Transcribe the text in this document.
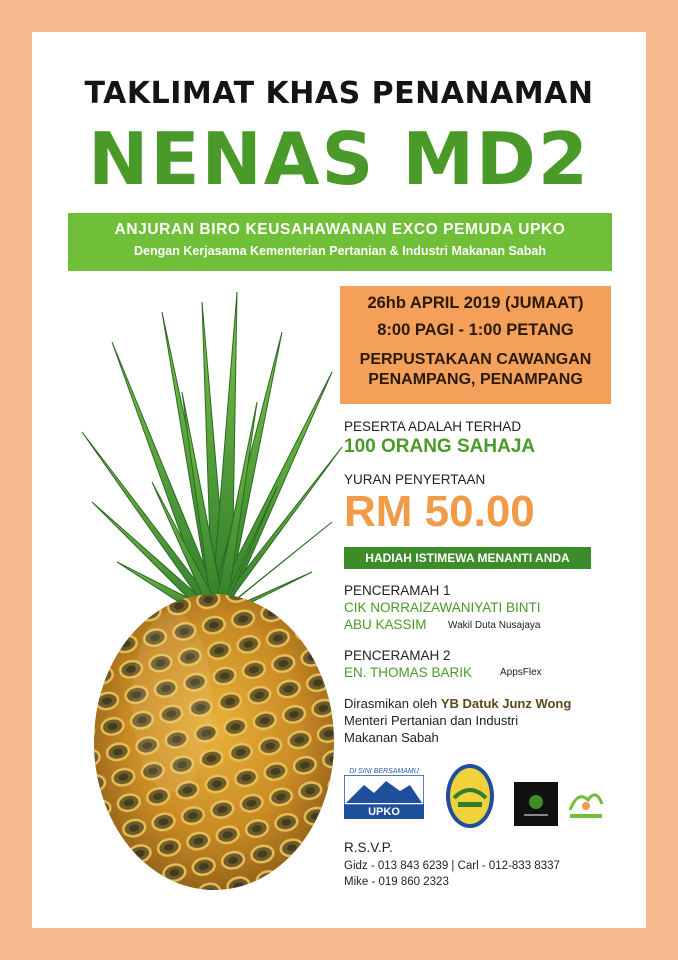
TAKLIMAT KHAS PENANAMAN
NENAS MD2
ANJURAN BIRO KEUSAHAWANAN EXCO PEMUDA UPKO
Dengan Kerjasama Kementerian Pertanian & Industri Makanan Sabah
26hb APRIL 2019 (JUMAAT)
8:00 PAGI - 1:00 PETANG
PERPUSTAKAAN CAWANGAN
PENAMPANG, PENAMPANG
PESERTA ADALAH TERHAD
100 ORANG SAHAJA
YURAN PENYERTAAN
RM 50.00
HADIAH ISTIMEWA MENANTI ANDA
PENCERAMAH 1
CIK NORRAIZAWANIYATI BINTI
ABU KASSIM Wakil Duta Nusajaya
PENCERAMAH 2
EN. THOMAS BARIK	AppsFlex
Dirasmikan oleh YB Datuk Junz Wong
Menteri Pertanian dan Industri
Makanan Sabah
DI SINI BERSAMAMU
UPKO
R.S.V.P.
Gidz - 013 843 6239 | Carl - 012-833 8337
Mike - 019 860 2323
